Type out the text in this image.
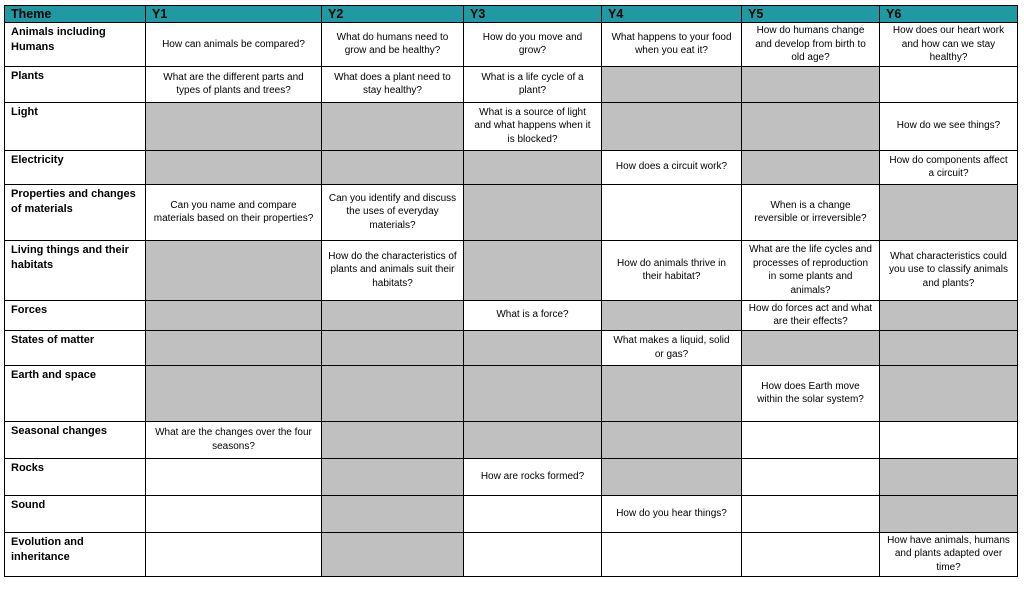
Theme	Y1	Y2	Y3	Y4	Y5	Y6
Animals including Humans	How can animals be compared?	What do humans need to grow and be healthy?	How do you move and grow?	What happens to your food when you eat it?	How do humans change and develop from birth to old age?	How does our heart work and how can we stay healthy?
Plants	What are the different parts and types of plants and trees?	What does a plant need to stay healthy?	What is a life cycle of a plant?			
Light			What is a source of light and what happens when it is blocked?			How do we see things?
Electricity				How does a circuit work?		How do components affect a circuit?
Properties and changes of materials	Can you name and compare materials based on their properties?	Can you identify and discuss the uses of everyday materials?			When is a change reversible or irreversible?	
Living things and their habitats		How do the characteristics of plants and animals suit their habitats?		How do animals thrive in their habitat?	What are the life cycles and processes of reproduction in some plants and animals?	What characteristics could you use to classify animals and plants?
Forces			What is a force?		How do forces act and what are their effects?	
States of matter				What makes a liquid, solid or gas?		
Earth and space					How does Earth move within the solar system?	
Seasonal changes	What are the changes over the four seasons?					
Rocks			How are rocks formed?			
Sound				How do you hear things?		
Evolution and inheritance						How have animals, humans and plants adapted over time?
